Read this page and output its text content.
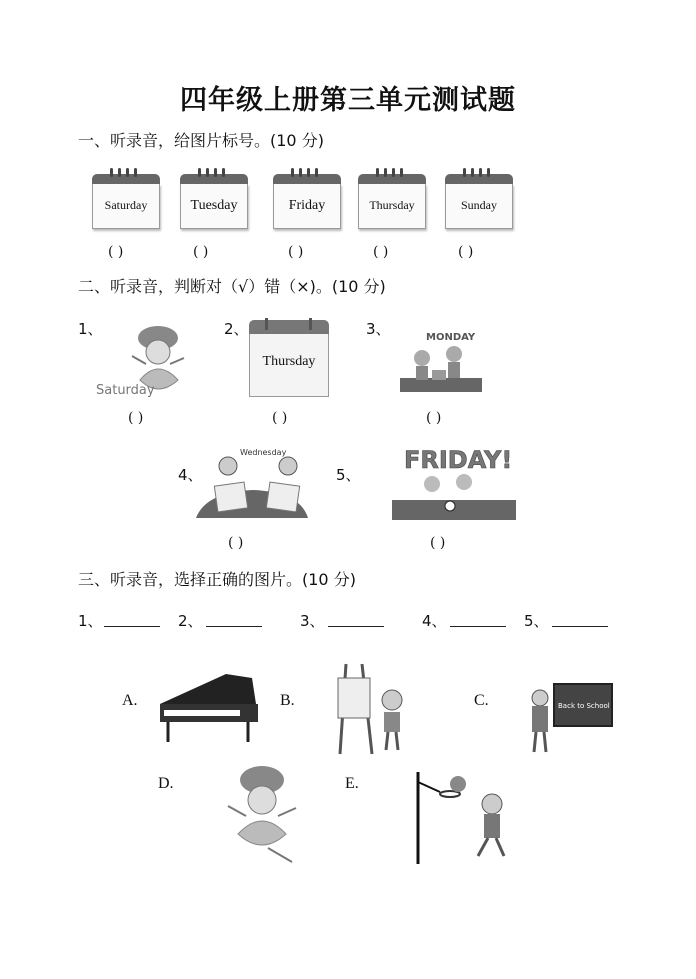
四年级上册第三单元测试题
一、听录音，给图片标号。(10 分)
Saturday	Tuesday	Friday	Thursday	Sunday
( )	( )	( )	( )	( )
二、听录音，判断对（√）错（×)。(10 分)
1、
Saturday
2、
Thursday
3、	MONDAY
( )	( )	( )
4、
Wednesday
5、
FRIDAY!
( )	( )
三、听录音，选择正确的图片。(10 分)
1、	2、	3、	4、	5、
A.	B.	C.	Back to School
D.	E.
